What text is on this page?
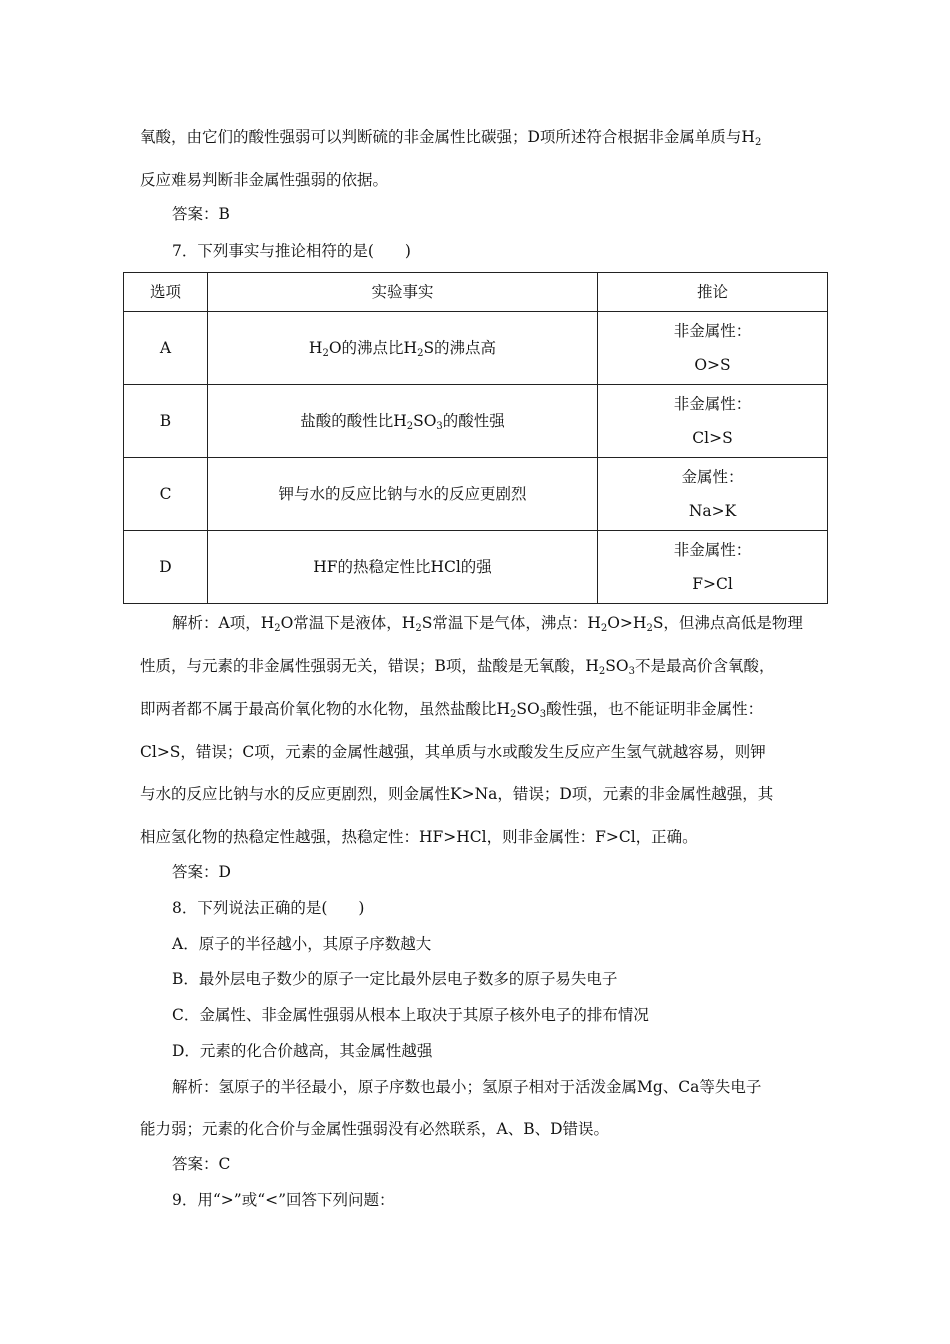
氧酸，由它们的酸性强弱可以判断硫的非金属性比碳强；D项所述符合根据非金属单质与$H_2$
反应难易判断非金属性强弱的依据。
答案：B
7．下列事实与推论相符的是(　　)
选项	实验事实	推论
A	$H_2O$的沸点比$H_2S$的沸点高	非金属性：
O>S

B	盐酸的酸性比$H_2SO_3$的酸性强	非金属性：
Cl>S

C	钾与水的反应比钠与水的反应更剧烈	金属性：
Na>K

D	HF的热稳定性比HCl的强	非金属性：
F>Cl
解析：A项，$H_2O$常温下是液体，$H_2S$常温下是气体，沸点：$H_2O>H_2S$，但沸点高低是物理
性质，与元素的非金属性强弱无关，错误；B项，盐酸是无氧酸，$H_2SO_3$不是最高价含氧酸，
即两者都不属于最高价氧化物的水化物，虽然盐酸比$H_2SO_3$酸性强，也不能证明非金属性：
Cl>S，错误；C项，元素的金属性越强，其单质与水或酸发生反应产生氢气就越容易，则钾
与水的反应比钠与水的反应更剧烈，则金属性K>Na，错误；D项，元素的非金属性越强，其
相应氢化物的热稳定性越强，热稳定性：HF>HCl，则非金属性：F>Cl，正确。
答案：D
8．下列说法正确的是(　　)
A．原子的半径越小，其原子序数越大
B．最外层电子数少的原子一定比最外层电子数多的原子易失电子
C．金属性、非金属性强弱从根本上取决于其原子核外电子的排布情况
D．元素的化合价越高，其金属性越强
解析：氢原子的半径最小，原子序数也最小；氢原子相对于活泼金属Mg、Ca等失电子
能力弱；元素的化合价与金属性强弱没有必然联系，A、B、D错误。
答案：C
9．用“>”或“<”回答下列问题：
